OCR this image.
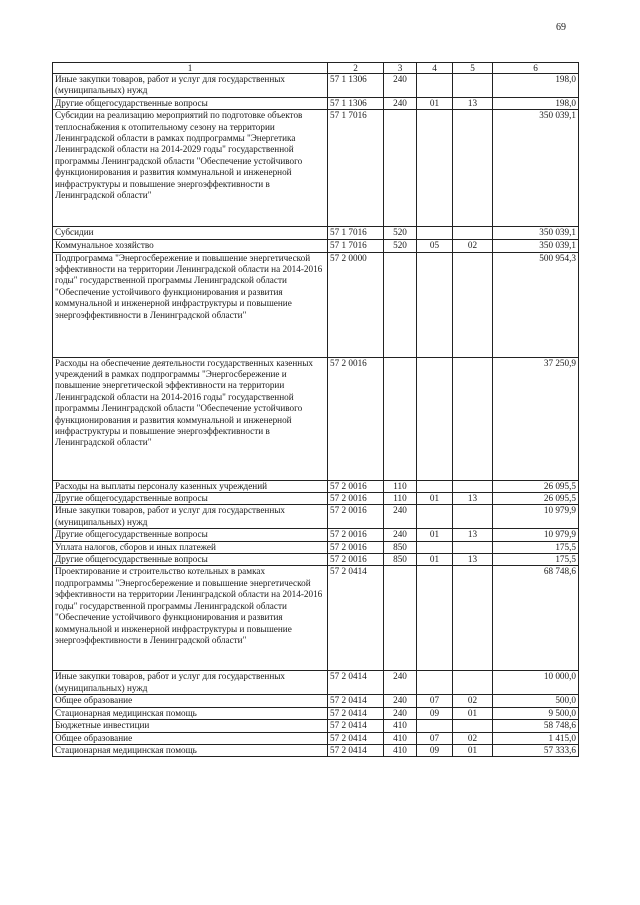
69
1	2	3	4	5	6
Иные закупки товаров, работ и услуг для государственных (муниципальных) нужд	57 1 1306	240			198,0
Другие общегосударственные вопросы	57 1 1306	240	01	13	198,0
Субсидии на реализацию мероприятий по подготовке объектов теплоснабжения к отопительному сезону на территории Ленинградской области в рамках подпрограммы "Энергетика Ленинградской области на 2014-2029 годы" государственной программы Ленинградской области "Обеспечение устойчивого функционирования и развития коммунальной и инженерной инфраструктуры и повышение энергоэффективности в Ленинградской области"	57 1 7016				350 039,1
Субсидии	57 1 7016	520			350 039,1
Коммунальное хозяйство	57 1 7016	520	05	02	350 039,1
Подпрограмма "Энергосбережение и повышение энергетической эффективности на территории Ленинградской области на 2014-2016 годы" государственной программы Ленинградской области "Обеспечение устойчивого функционирования и развития коммунальной и инженерной инфраструктуры и повышение энергоэффективности в Ленинградской области"	57 2 0000				500 954,3
Расходы на обеспечение деятельности государственных казенных учреждений в рамках подпрограммы "Энергосбережение и повышение энергетической эффективности на территории Ленинградской области на 2014-2016 годы" государственной программы Ленинградской области "Обеспечение устойчивого функционирования и развития коммунальной и инженерной инфраструктуры и повышение энергоэффективности в Ленинградской области"	57 2 0016				37 250,9
Расходы на выплаты персоналу казенных учреждений	57 2 0016	110			26 095,5
Другие общегосударственные вопросы	57 2 0016	110	01	13	26 095,5
Иные закупки товаров, работ и услуг для государственных (муниципальных) нужд	57 2 0016	240			10 979,9
Другие общегосударственные вопросы	57 2 0016	240	01	13	10 979,9
Уплата налогов, сборов и иных платежей	57 2 0016	850			175,5
Другие общегосударственные вопросы	57 2 0016	850	01	13	175,5
Проектирование и строительство котельных в рамках подпрограммы "Энергосбережение и повышение энергетической эффективности на территории Ленинградской области на 2014-2016 годы" государственной программы Ленинградской области "Обеспечение устойчивого функционирования и развития коммунальной и инженерной инфраструктуры и повышение энергоэффективности в Ленинградской области"	57 2 0414				68 748,6
Иные закупки товаров, работ и услуг для государственных (муниципальных) нужд	57 2 0414	240			10 000,0
Общее образование	57 2 0414	240	07	02	500,0
Стационарная медицинская помощь	57 2 0414	240	09	01	9 500,0
Бюджетные инвестиции	57 2 0414	410			58 748,6
Общее образование	57 2 0414	410	07	02	1 415,0
Стационарная медицинская помощь	57 2 0414	410	09	01	57 333,6
